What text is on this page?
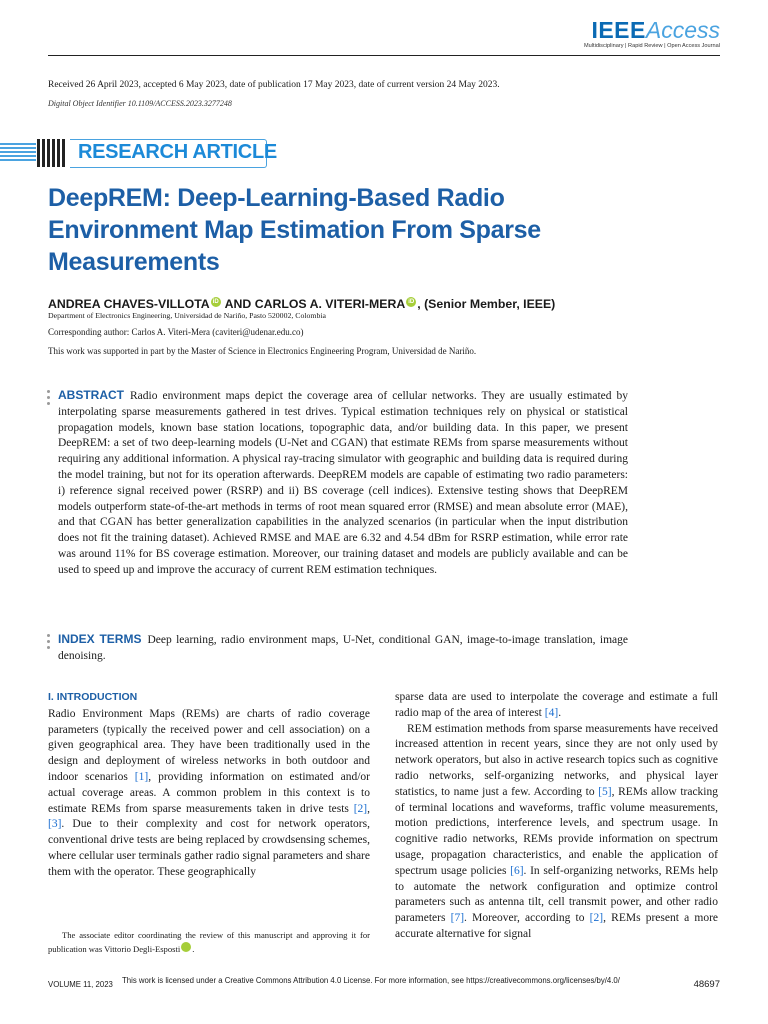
IEEEAccess
Multidisciplinary | Rapid Review | Open Access Journal
Received 26 April 2023, accepted 6 May 2023, date of publication 17 May 2023, date of current version 24 May 2023.
Digital Object Identifier 10.1109/ACCESS.2023.3277248
RESEARCH ARTICLE
DeepREM: Deep-Learning-Based Radio Environment Map Estimation From Sparse Measurements
ANDREA CHAVES-VILLOTA iD AND CARLOS A. VITERI-MERA iD , (Senior Member, IEEE)
Department of Electronics Engineering, Universidad de Nariño, Pasto 520002, Colombia
Corresponding author: Carlos A. Viteri-Mera (caviteri@udenar.edu.co)
This work was supported in part by the Master of Science in Electronics Engineering Program, Universidad de Nariño.
ABSTRACT Radio environment maps depict the coverage area of cellular networks. They are usually estimated by interpolating sparse measurements gathered in test drives. Typical estimation techniques rely on physical or statistical propagation models, known base station locations, topographic data, and/or building data. In this paper, we present DeepREM: a set of two deep-learning models (U-Net and CGAN) that estimate REMs from sparse measurements without requiring any additional information. A physical ray-tracing simulator with geographic and building data is required during the model training, but not for its operation afterwards. DeepREM models are capable of estimating two radio parameters: i) reference signal received power (RSRP) and ii) BS coverage (cell indices). Extensive testing shows that DeepREM models outperform state-of-the-art methods in terms of root mean squared error (RMSE) and mean absolute error (MAE), and that CGAN has better generalization capabilities in the analyzed scenarios (in particular when the input distribution does not fit the training dataset). Achieved RMSE and MAE are 6.32 and 4.54 dBm for RSRP estimation, while error rate was around 11% for BS coverage estimation. Moreover, our training dataset and models are publicly available and can be used to speed up and improve the accuracy of current REM estimation techniques.
INDEX TERMS Deep learning, radio environment maps, U-Net, conditional GAN, image-to-image translation, image denoising.
I. INTRODUCTION

Radio Environment Maps (REMs) are charts of radio coverage parameters (typically the received power and cell association) on a given geographical area. They have been traditionally used in the design and deployment of wireless networks in both outdoor and indoor scenarios [1], providing information on estimated and/or actual coverage areas. A common problem in this context is to estimate REMs from sparse measurements taken in drive tests [2], [3]. Due to their complexity and cost for network operators, conventional drive tests are being replaced by crowdsensing schemes, where cellular user terminals gather radio signal parameters and share them with the operator. These geographically

sparse data are used to interpolate the coverage and estimate a full radio map of the area of interest [4].

REM estimation methods from sparse measurements have received increased attention in recent years, since they are not only used by network operators, but also in active research topics such as cognitive radio networks, self-organizing networks, and physical layer statistics, to name just a few. According to [5], REMs allow tracking of terminal locations and waveforms, traffic volume measurements, motion predictions, interference levels, and spectrum usage. In cognitive radio networks, REMs provide information on spectrum usage, propagation characteristics, and enable the application of spectrum usage policies [6]. In self-organizing networks, REMs help to automate the network configuration and optimize control parameters such as antenna tilt, cell transmit power, and other radio parameters [7]. Moreover, according to [2], REMs present a more accurate alternative for signal

The associate editor coordinating the review of this manuscript and approving it for publication was Vittorio Degli-Esposti	iD.
VOLUME 11, 2023 This work is licensed under a Creative Commons Attribution 4.0 License. For more information, see https://creativecommons.org/licenses/by/4.0/	48697
